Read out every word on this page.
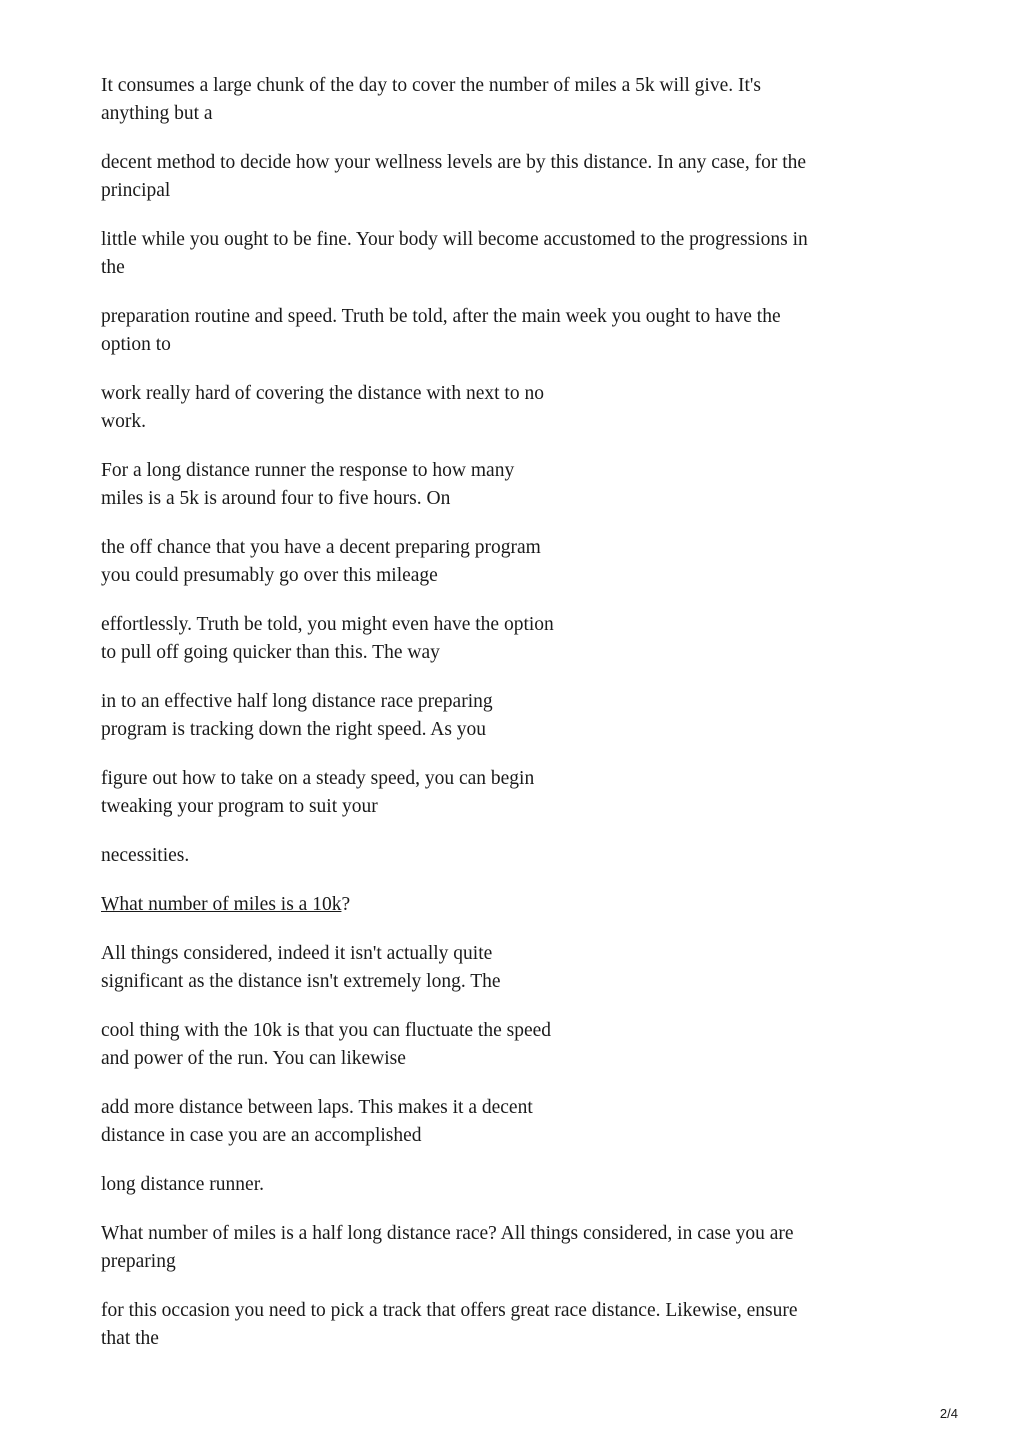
It consumes a large chunk of the day to cover the number of miles a 5k will give. It's
anything but a

decent method to decide how your wellness levels are by this distance. In any case, for the
principal

little while you ought to be fine. Your body will become accustomed to the progressions in
the

preparation routine and speed. Truth be told, after the main week you ought to have the
option to

work really hard of covering the distance with next to no
work.

For a long distance runner the response to how many
miles is a 5k is around four to five hours. On

the off chance that you have a decent preparing program
you could presumably go over this mileage

effortlessly. Truth be told, you might even have the option
to pull off going quicker than this. The way

in to an effective half long distance race preparing
program is tracking down the right speed. As you

figure out how to take on a steady speed, you can begin
tweaking your program to suit your

necessities.

What number of miles is a 10k?

All things considered, indeed it isn't actually quite
significant as the distance isn't extremely long. The

cool thing with the 10k is that you can fluctuate the speed
and power of the run. You can likewise

add more distance between laps. This makes it a decent
distance in case you are an accomplished

long distance runner.

What number of miles is a half long distance race? All things considered, in case you are
preparing

for this occasion you need to pick a track that offers great race distance. Likewise, ensure
that the

2/4
